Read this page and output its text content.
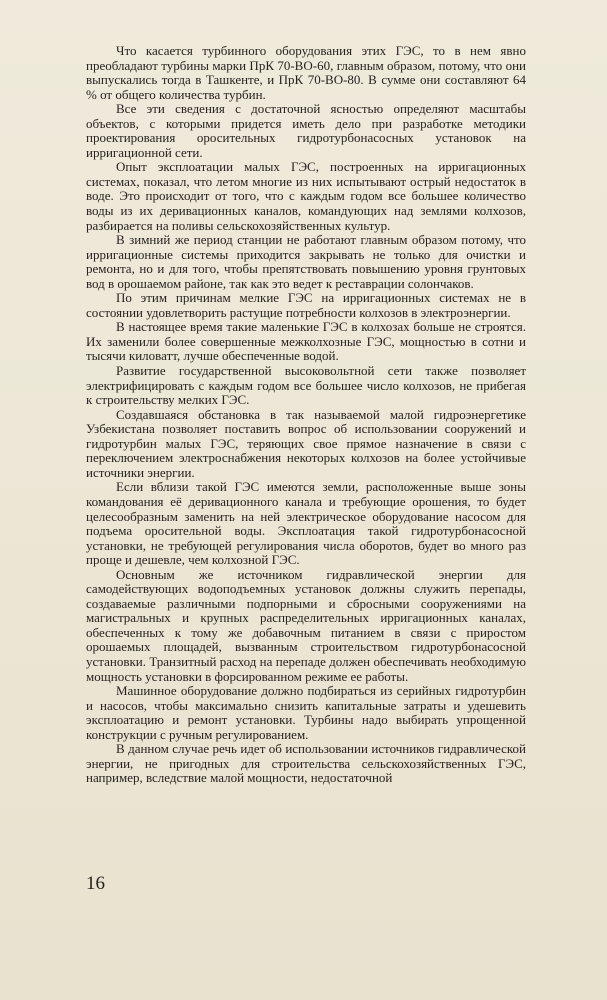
Что касается турбинного оборудования этих ГЭС, то в нем явно преобладают турбины марки ПрК 70-ВО-60, главным образом, потому, что они выпускались тогда в Ташкенте, и ПрК 70-ВО-80. В сумме они составляют 64 % от общего количества турбин.

Все эти сведения с достаточной ясностью определяют масштабы объектов, с которыми придется иметь дело при разработке методики проектирования оросительных гидротурбонасосных установок на ирригационной сети.

Опыт эксплоатации малых ГЭС, построенных на ирригационных системах, показал, что летом многие из них испытывают острый недостаток в воде. Это происходит от того, что с каждым годом все большее количество воды из их деривационных каналов, командующих над землями колхозов, разбирается на поливы сельскохозяйственных культур.

В зимний же период станции не работают главным образом потому, что ирригационные системы приходится закрывать не только для очистки и ремонта, но и для того, чтобы препятствовать повышению уровня грунтовых вод в орошаемом районе, так как это ведет к реставрации солончаков.

По этим причинам мелкие ГЭС на ирригационных системах не в состоянии удовлетворить растущие потребности колхозов в электроэнергии.

В настоящее время такие маленькие ГЭС в колхозах больше не строятся. Их заменили более совершенные межколхозные ГЭС, мощностью в сотни и тысячи киловатт, лучше обеспеченные водой.

Развитие государственной высоковольтной сети также позволяет электрифицировать с каждым годом все большее число колхозов, не прибегая к строительству мелких ГЭС.

Создавшаяся обстановка в так называемой малой гидроэнергетике Узбекистана позволяет поставить вопрос об использовании сооружений и гидротурбин малых ГЭС, теряющих свое прямое назначение в связи с переключением электроснабжения некоторых колхозов на более устойчивые источники энергии.

Если вблизи такой ГЭС имеются земли, расположенные выше зоны командования её деривационного канала и требующие орошения, то будет целесообразным заменить на ней электрическое оборудование насосом для подъема оросительной воды. Эксплоатация такой гидротурбонасосной установки, не требующей регулирования числа оборотов, будет во много раз проще и дешевле, чем колхозной ГЭС.

Основным же источником гидравлической энергии для самодействующих водоподъемных установок должны служить перепады, создаваемые различными подпорными и сбросными сооружениями на магистральных и крупных распределительных ирригационных каналах, обеспеченных к тому же добавочным питанием в связи с приростом орошаемых площадей, вызванным строительством гидротурбонасосной установки. Транзитный расход на перепаде должен обеспечивать необходимую мощность установки в форсированном режиме ее работы.

Машинное оборудование должно подбираться из серийных гидротурбин и насосов, чтобы максимально снизить капитальные затраты и удешевить эксплоатацию и ремонт установки. Турбины надо выбирать упрощенной конструкции с ручным регулированием.

В данном случае речь идет об использовании источников гидравлической энергии, не пригодных для строительства сельскохозяйственных ГЭС, например, вследствие малой мощности, недостаточной

16
